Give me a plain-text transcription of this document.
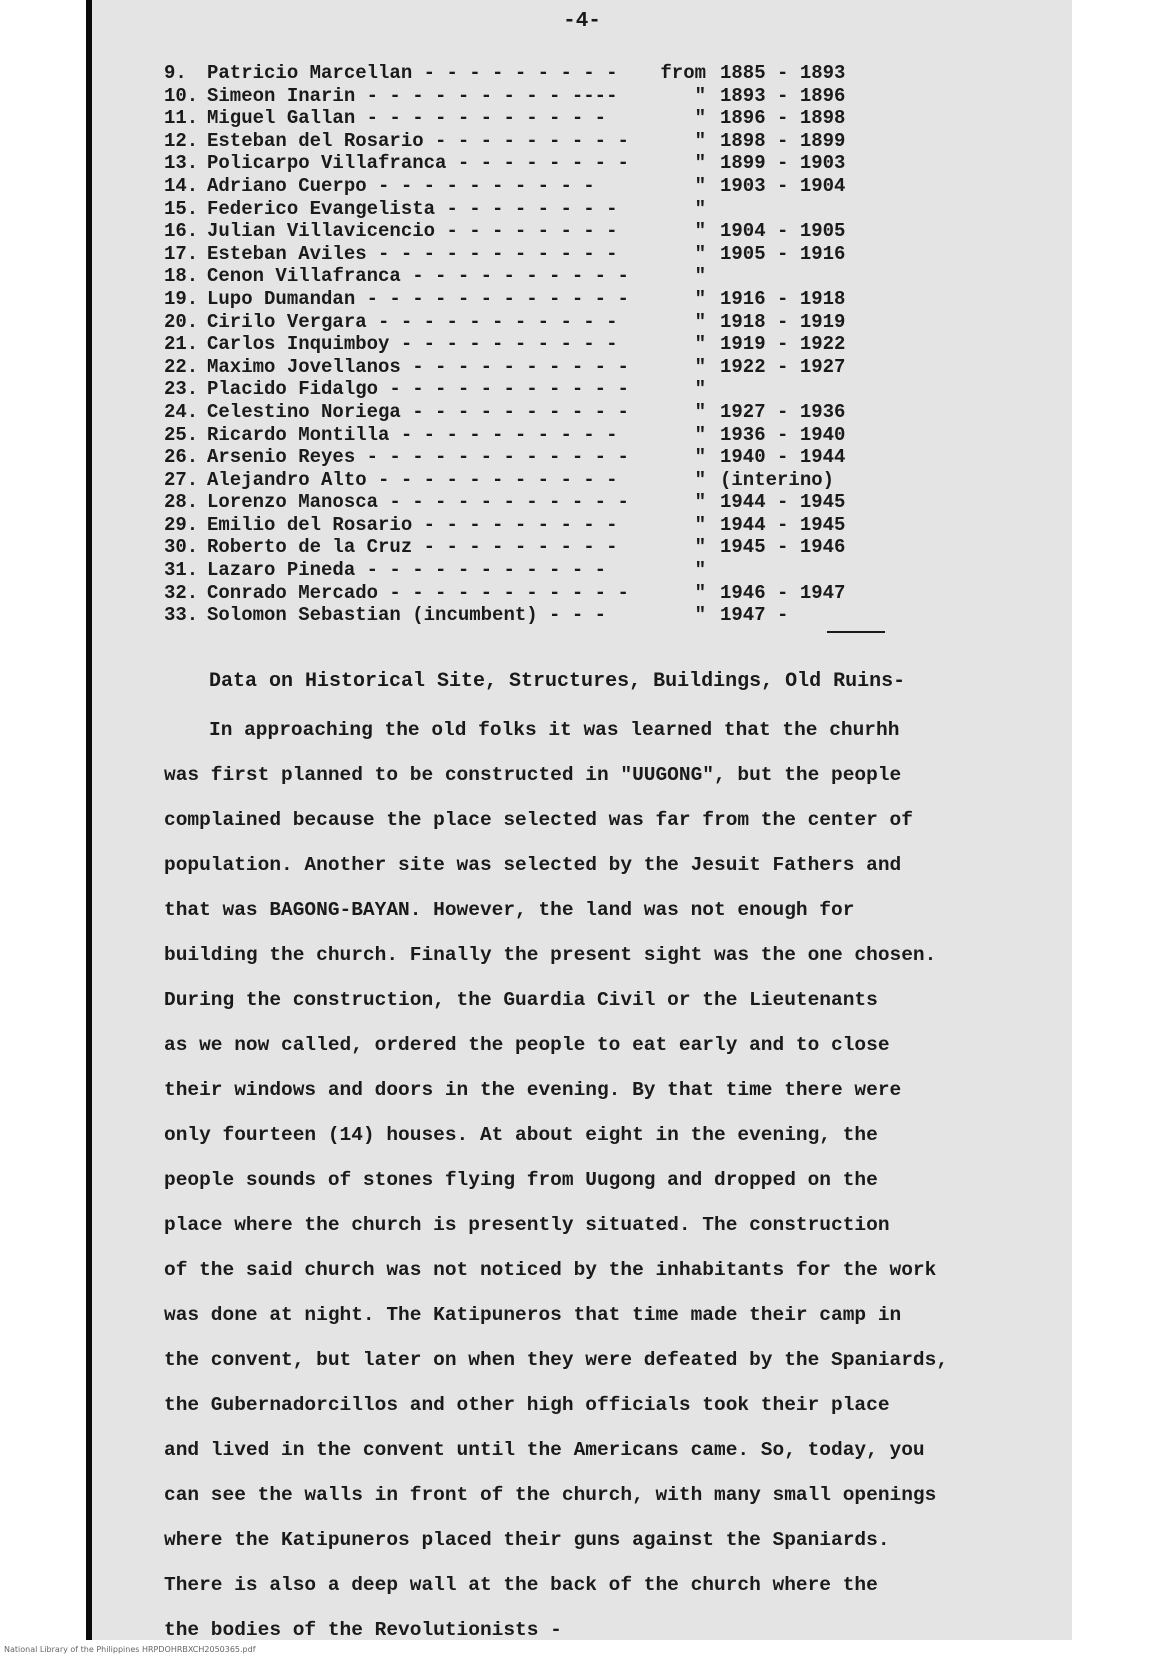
-4-
9.	Patricio Marcellan - - - - - - - - -	from 1885 - 1893
10. Simeon Inarin - - - - - - - - - ----	" 1893 - 1896
11. Miguel Gallan - - - - - - - - - - -	" 1896 - 1898
12. Esteban del Rosario - - - - - - - - -	" 1898 - 1899
13. Policarpo Villafranca - - - - - - - -	" 1899 - 1903
14. Adriano Cuerpo - - - - - - - - - -	" 1903 - 1904
15. Federico Evangelista - - - - - - - -	"
16. Julian Villavicencio - - - - - - - -	" 1904 - 1905
17. Esteban Aviles - - - - - - - - - - -	" 1905 - 1916
18. Cenon Villafranca - - - - - - - - - -	"
19. Lupo Dumandan - - - - - - - - - - - -	" 1916 - 1918
20. Cirilo Vergara - - - - - - - - - - -	" 1918 - 1919
21. Carlos Inquimboy - - - - - - - - - -	" 1919 - 1922
22. Maximo Jovellanos - - - - - - - - - -	" 1922 - 1927
23. Placido Fidalgo - - - - - - - - - - -	"
24. Celestino Noriega - - - - - - - - - -	" 1927 - 1936
25. Ricardo Montilla - - - - - - - - - -	" 1936 - 1940
26. Arsenio Reyes - - - - - - - - - - - -	" 1940 - 1944
27. Alejandro Alto - - - - - - - - - - -	" (interino)
28. Lorenzo Manosca - - - - - - - - - - -	" 1944 - 1945
29. Emilio del Rosario - - - - - - - - -	" 1944 - 1945
30. Roberto de la Cruz - - - - - - - - -	" 1945 - 1946
31. Lazaro Pineda - - - - - - - - - - -	"
32. Conrado Mercado - - - - - - - - - - -	" 1946 - 1947
33. Solomon Sebastian (incumbent) - - -	" 1947 -
Data on Historical Site, Structures, Buildings, Old Ruins-
In approaching the old folks it was learned that the churhh
was first planned to be constructed in "UUGONG", but the people
complained because the place selected was far from the center of
population. Another site was selected by the Jesuit Fathers and
that was BAGONG-BAYAN. However, the land was not enough for
building the church. Finally the present sight was the one chosen.
During the construction, the Guardia Civil or the Lieutenants
as we now called, ordered the people to eat early and to close
their windows and doors in the evening. By that time there were
only fourteen (14) houses. At about eight in the evening, the
people sounds of stones flying from Uugong and dropped on the
place where the church is presently situated. The construction
of the said church was not noticed by the inhabitants for the work
was done at night. The Katipuneros that time made their camp in
the convent, but later on when they were defeated by the Spaniards,
the Gubernadorcillos and other high officials took their place
and lived in the convent until the Americans came. So, today, you
can see the walls in front of the church, with many small openings
where the Katipuneros placed their guns against the Spaniards.
There is also a deep wall at the back of the church where the
the bodies of the Revolutionists -
National Library of the Philippines HRPDOHRBXCH2050365.pdf
